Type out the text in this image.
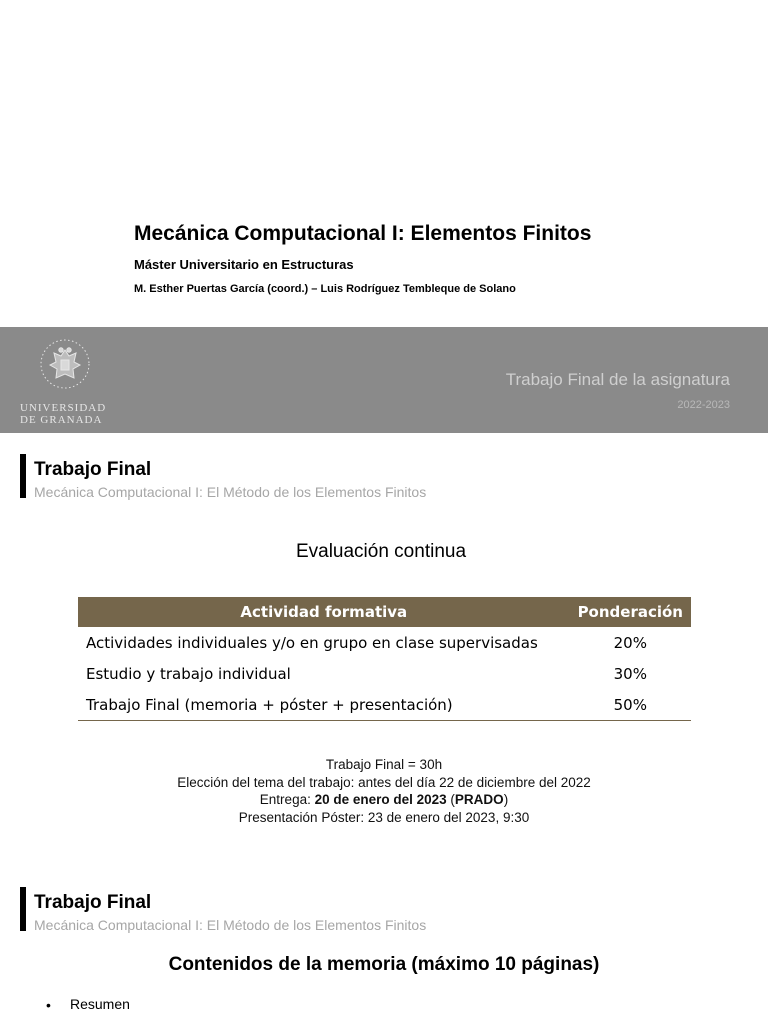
Mecánica Computacional I: Elementos Finitos
Máster Universitario en Estructuras
M. Esther Puertas García (coord.) – Luis Rodríguez Tembleque de Solano
UNIVERSIDAD
DE GRANADA
Trabajo Final de la asignatura
2022-2023
Trabajo Final
Mecánica Computacional I: El Método de los Elementos Finitos
Evaluación continua
Actividad formativa	Ponderación
Actividades individuales y/o en grupo en clase supervisadas	20%
Estudio y trabajo individual	30%
Trabajo Final (memoria + póster + presentación)	50%
Trabajo Final = 30h
Elección del tema del trabajo: antes del día 22 de diciembre del 2022
Entrega: 20 de enero del 2023 (PRADO)
Presentación Póster: 23 de enero del 2023, 9:30
Trabajo Final
Mecánica Computacional I: El Método de los Elementos Finitos
Contenidos de la memoria (máximo 10 páginas)
• Resumen
